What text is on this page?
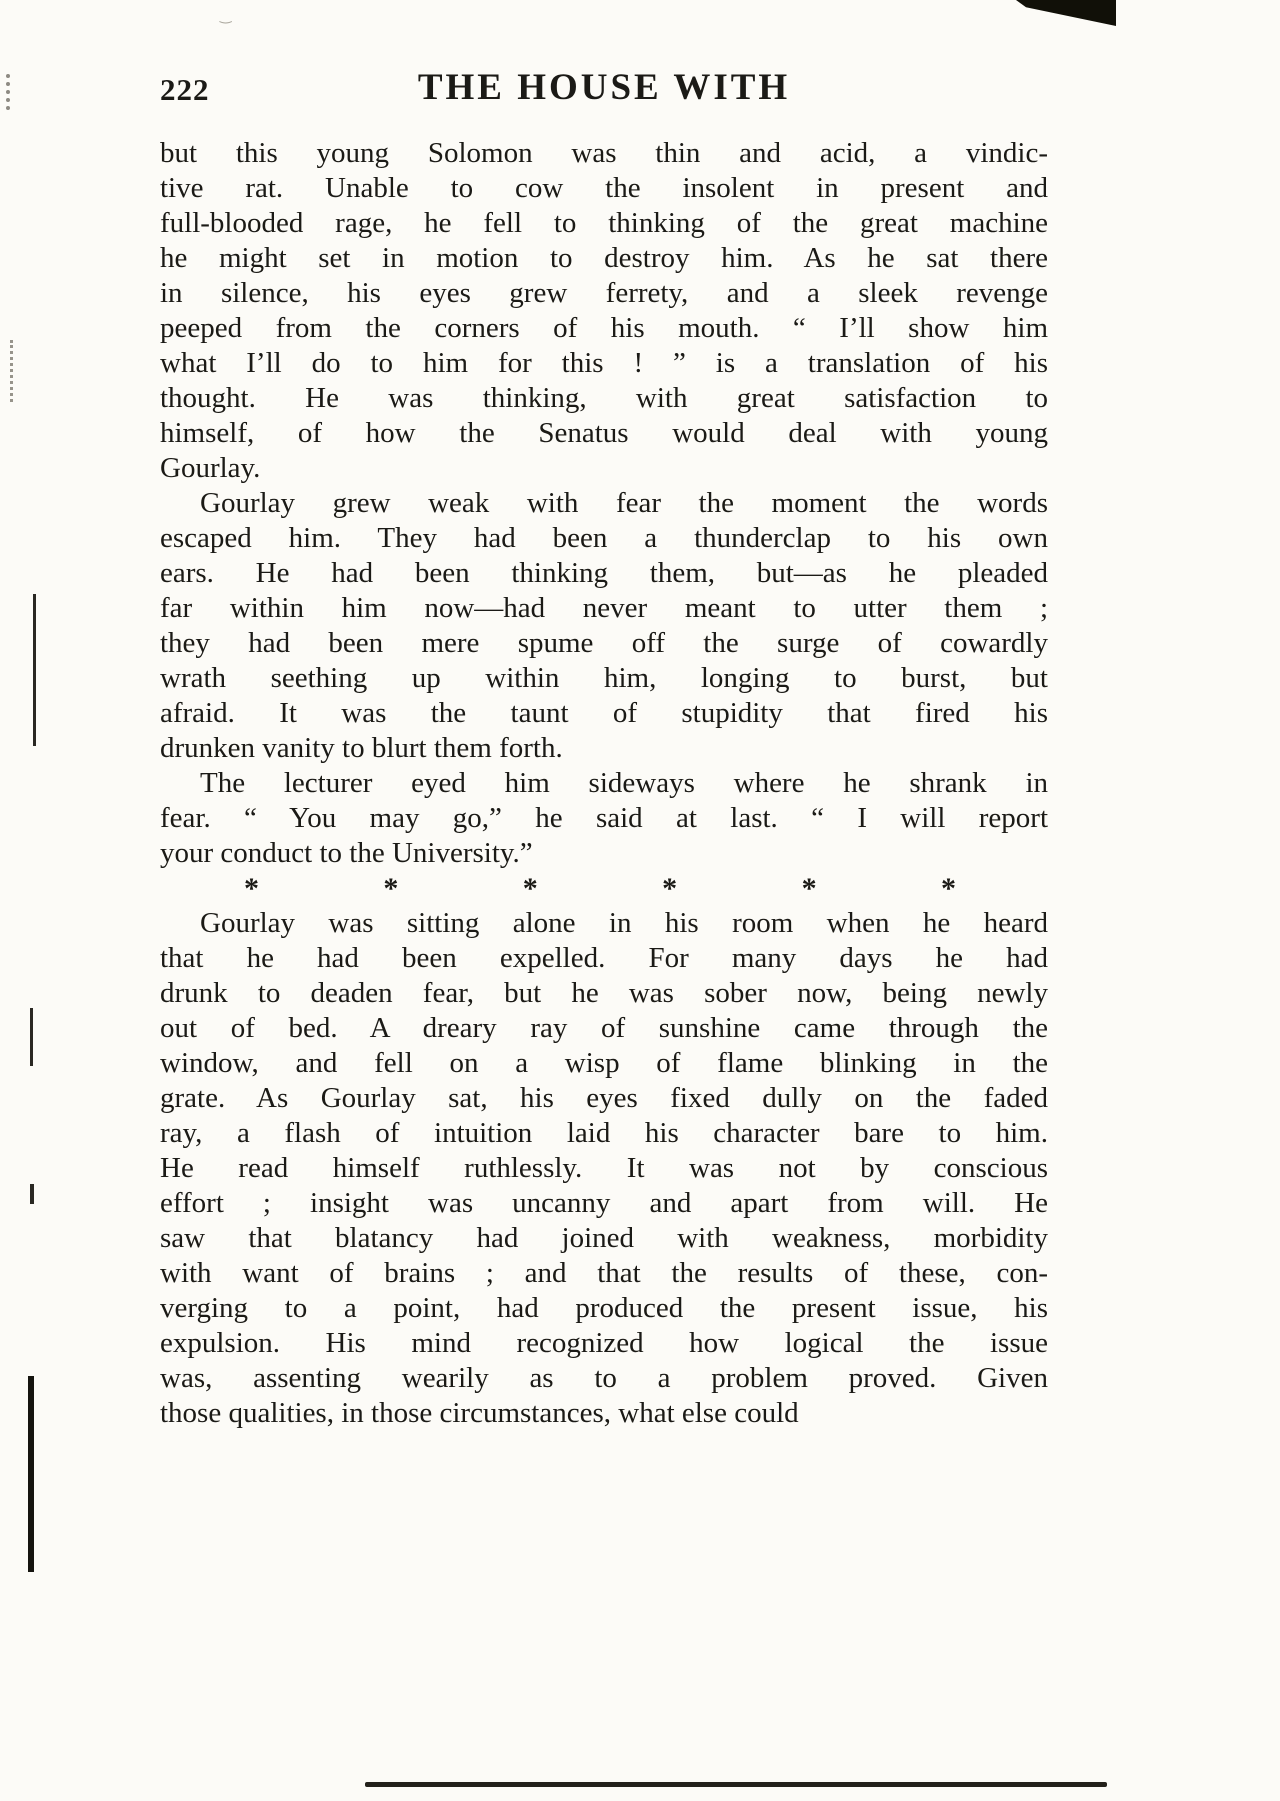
‿
222	THE HOUSE WITH
but this young Solomon was thin and acid, a vindic-
tive rat. Unable to cow the insolent in present and
full-blooded rage, he fell to thinking of the great machine
he might set in motion to destroy him. As he sat there
in silence, his eyes grew ferrety, and a sleek revenge
peeped from the corners of his mouth. “ I’ll show him
what I’ll do to him for this ! ” is a translation of his
thought. He was thinking, with great satisfaction to
himself, of how the Senatus would deal with young
Gourlay.
Gourlay grew weak with fear the moment the words
escaped him. They had been a thunderclap to his own
ears. He had been thinking them, but—as he pleaded
far within him now—had never meant to utter them ;
they had been mere spume off the surge of cowardly
wrath seething up within him, longing to burst, but
afraid. It was the taunt of stupidity that fired his
drunken vanity to blurt them forth.
The lecturer eyed him sideways where he shrank in
fear. “ You may go,” he said at last. “ I will report
your conduct to the University.”
*	*	*	*	*	*
Gourlay was sitting alone in his room when he heard
that he had been expelled. For many days he had
drunk to deaden fear, but he was sober now, being newly
out of bed. A dreary ray of sunshine came through the
window, and fell on a wisp of flame blinking in the
grate. As Gourlay sat, his eyes fixed dully on the faded
ray, a flash of intuition laid his character bare to him.
He read himself ruthlessly. It was not by conscious
effort ; insight was uncanny and apart from will. He
saw that blatancy had joined with weakness, morbidity
with want of brains ; and that the results of these, con-
verging to a point, had produced the present issue, his
expulsion. His mind recognized how logical the issue
was, assenting wearily as to a problem proved. Given
those qualities, in those circumstances, what else could
